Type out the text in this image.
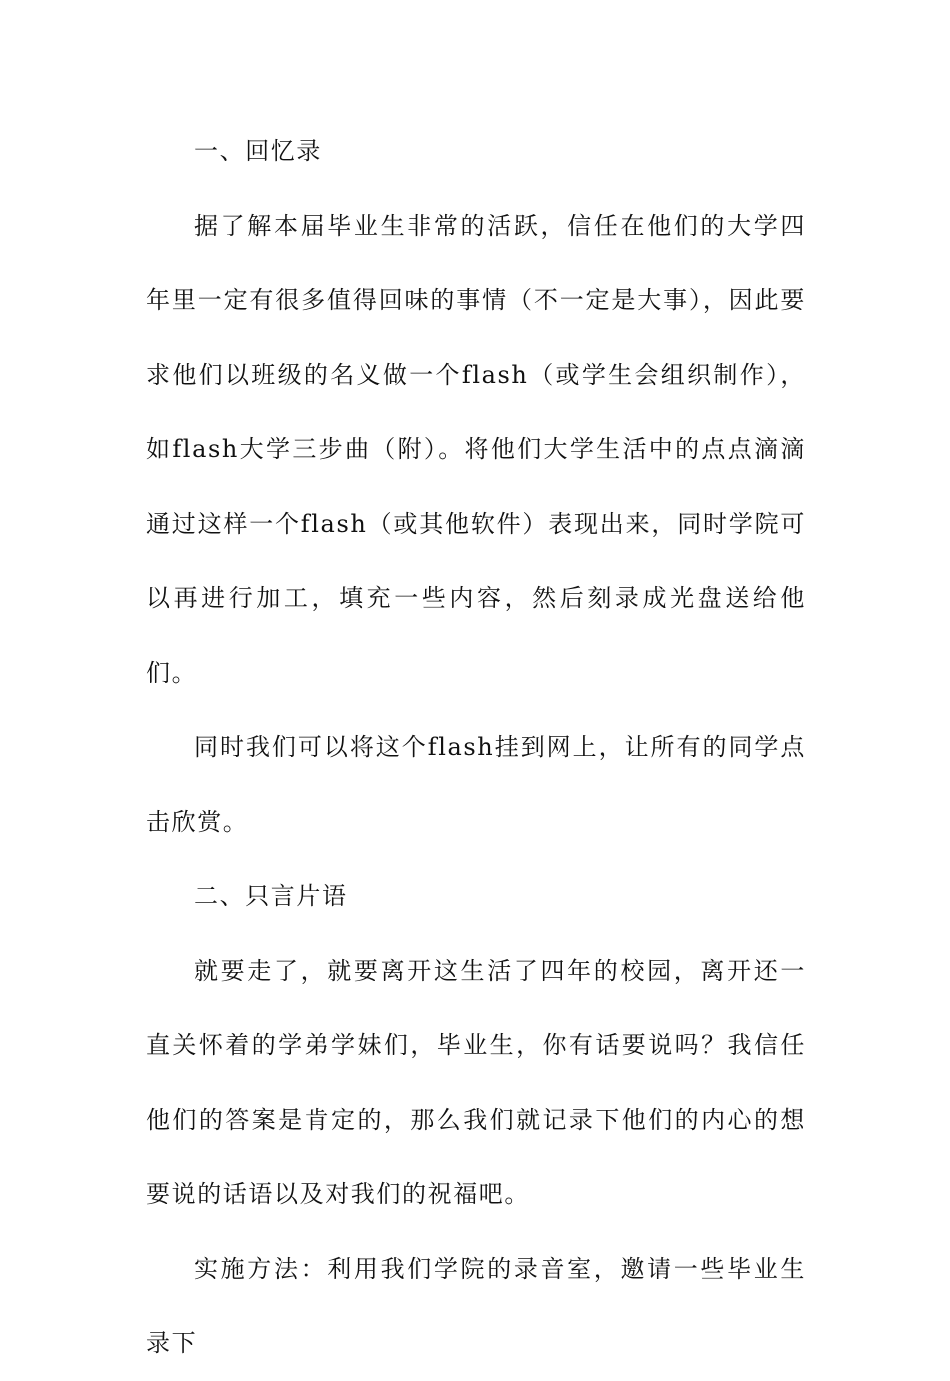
一、回忆录

据了解本届毕业生非常的活跃，信任在他们的大学四年里一定有很多值得回味的事情（不一定是大事），因此要求他们以班级的名义做一个flash（或学生会组织制作），如flash大学三步曲（附）。将他们大学生活中的点点滴滴通过这样一个flash（或其他软件）表现出来，同时学院可以再进行加工，填充一些内容，然后刻录成光盘送给他们。

同时我们可以将这个flash挂到网上，让所有的同学点击欣赏。

二、只言片语

就要走了，就要离开这生活了四年的校园，离开还一直关怀着的学弟学妹们，毕业生，你有话要说吗？我信任他们的答案是肯定的，那么我们就记录下他们的内心的想要说的话语以及对我们的祝福吧。

实施方法：利用我们学院的录音室，邀请一些毕业生录下
